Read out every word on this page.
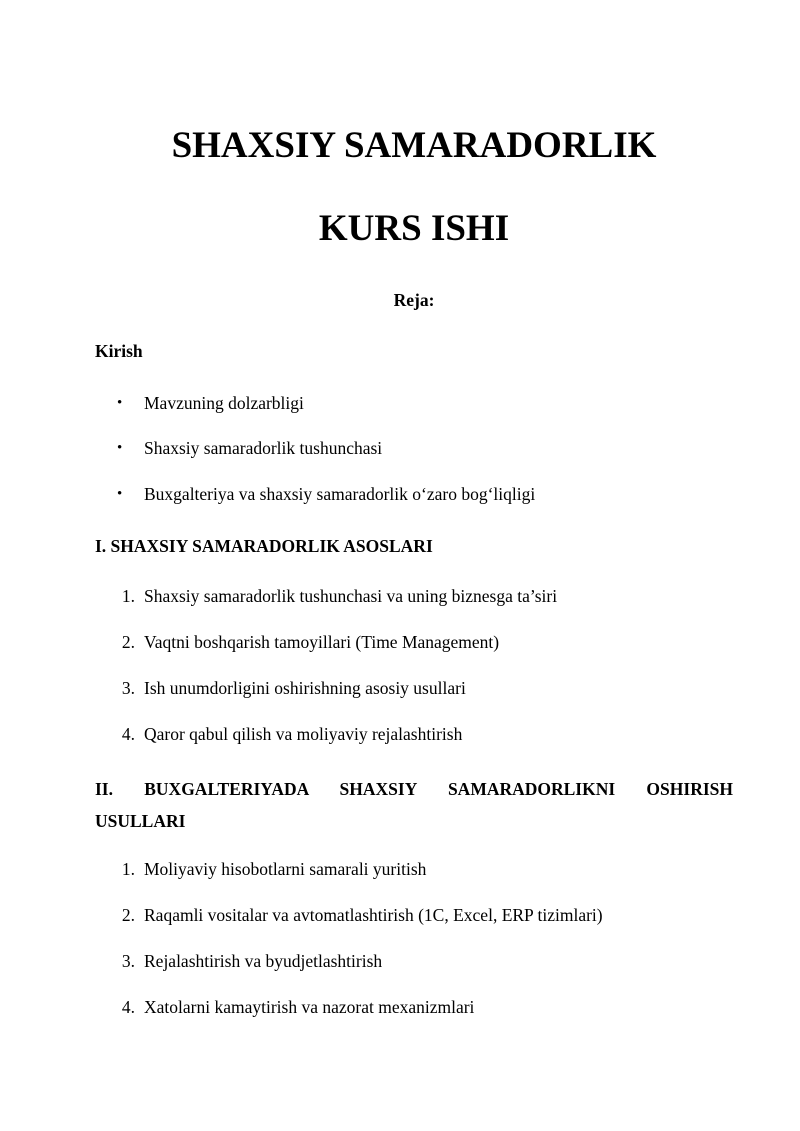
SHAXSIY SAMARADORLIK
KURS ISHI
Reja:
Kirish
• Mavzuning dolzarbligi
• Shaxsiy samaradorlik tushunchasi
• Buxgalteriya va shaxsiy samaradorlik o‘zaro bog‘liqligi
I. SHAXSIY SAMARADORLIK ASOSLARI
1. Shaxsiy samaradorlik tushunchasi va uning biznesga ta’siri
2. Vaqtni boshqarish tamoyillari (Time Management)
3. Ish unumdorligini oshirishning asosiy usullari
4. Qaror qabul qilish va moliyaviy rejalashtirish
II. BUXGALTERIYADA SHAXSIY SAMARADORLIKNI OSHIRISH
USULLARI
1. Moliyaviy hisobotlarni samarali yuritish
2. Raqamli vositalar va avtomatlashtirish (1C, Excel, ERP tizimlari)
3. Rejalashtirish va byudjetlashtirish
4. Xatolarni kamaytirish va nazorat mexanizmlari
